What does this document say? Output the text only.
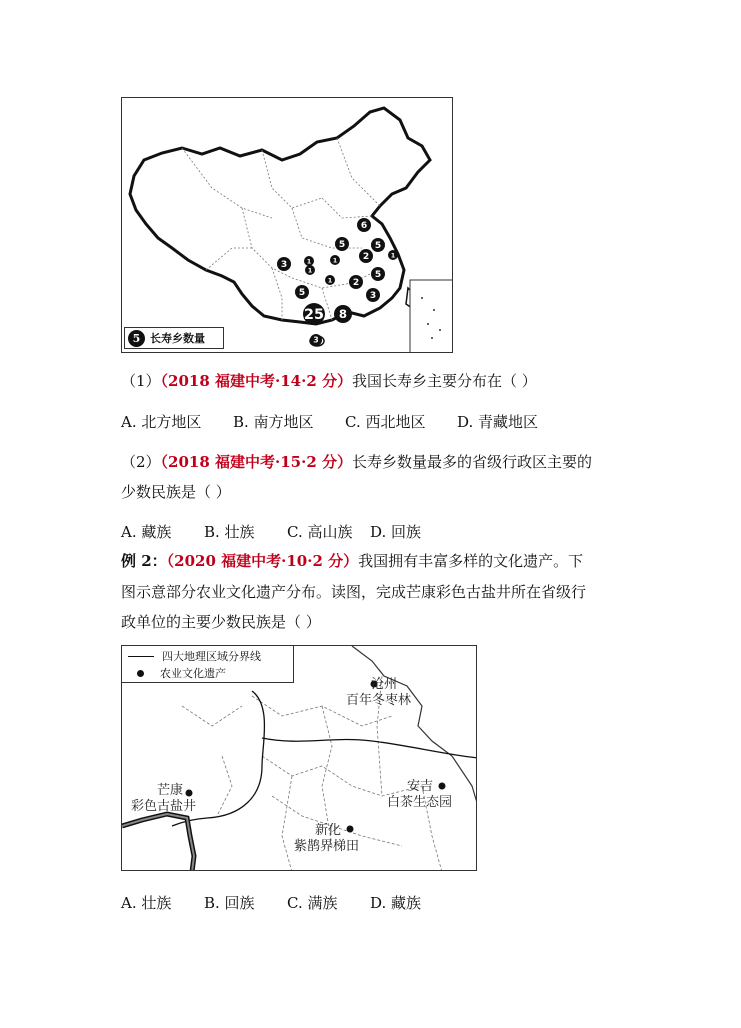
6
5	5
1
1	2	1
3
1	5
5
1 2
3
25 8
3
5 长寿乡数量
（1）（2018 福建中考·14·2 分）我国长寿乡主要分布在（ ）
A. 北方地区 B. 南方地区 C. 西北地区 D. 青藏地区
（2）（2018 福建中考·15·2 分）长寿乡数量最多的省级行政区主要的
少数民族是（ ）
A. 藏族 B. 壮族 C. 高山族 D. 回族
例 2：（2020 福建中考·10·2 分）我国拥有丰富多样的文化遗产。下
图示意部分农业文化遗产分布。读图，完成芒康彩色古盐井所在省级行
政单位的主要少数民族是（ ）
四大地理区域分界线
农业文化遗产
沧州
百年冬枣林
安吉
白茶生态园
芒康
彩色古盐井
新化
紫鹊界梯田
A. 壮族 B. 回族 C. 满族 D. 藏族
